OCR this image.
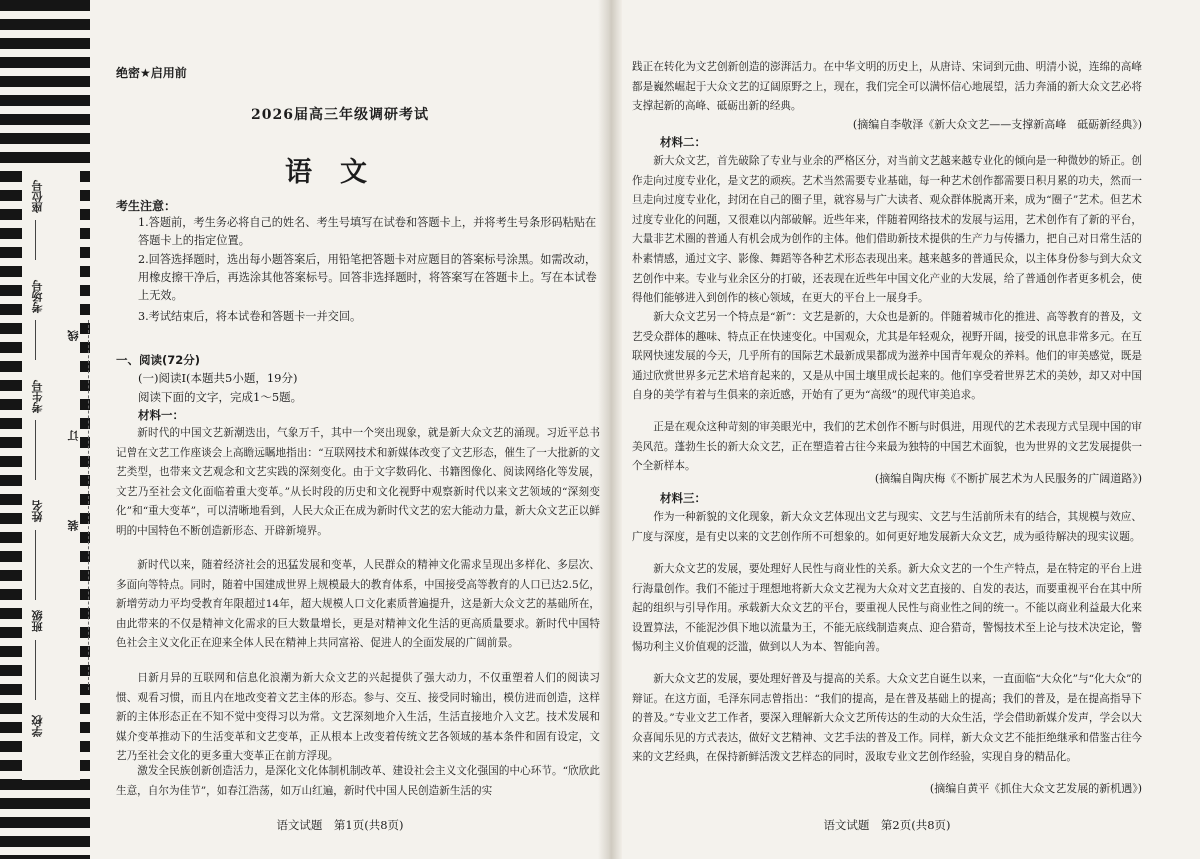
座位号
考场号
考生号
姓名
班级
学校
线
订
装
绝密★启用前
2026届高三年级调研考试
语文
考生注意：
1.答题前，考生务必将自己的姓名、考生号填写在试卷和答题卡上，并将考生号条形码粘贴在答题卡上的指定位置。
2.回答选择题时，选出每小题答案后，用铅笔把答题卡对应题目的答案标号涂黑。如需改动，用橡皮擦干净后，再选涂其他答案标号。回答非选择题时，将答案写在答题卡上。写在本试卷上无效。
3.考试结束后，将本试卷和答题卡一并交回。
一、阅读(72分)
(一)阅读Ⅰ(本题共5小题，19分)
阅读下面的文字，完成1～5题。
材料一：

新时代的中国文艺新潮迭出，气象万千，其中一个突出现象，就是新大众文艺的涌现。习近平总书记曾在文艺工作座谈会上高瞻远瞩地指出：“互联网技术和新媒体改变了文艺形态，催生了一大批新的文艺类型，也带来文艺观念和文艺实践的深刻变化。由于文字数码化、书籍图像化、阅读网络化等发展，文艺乃至社会文化面临着重大变革。”从长时段的历史和文化视野中观察新时代以来文艺领域的“深刻变化”和“重大变革”，可以清晰地看到，人民大众正在成为新时代文艺的宏大能动力量，新大众文艺正以鲜明的中国特色不断创造新形态、开辟新境界。

新时代以来，随着经济社会的迅猛发展和变革，人民群众的精神文化需求呈现出多样化、多层次、多面向等特点。同时，随着中国建成世界上规模最大的教育体系，中国接受高等教育的人口已达2.5亿，新增劳动力平均受教育年限超过14年，超大规模人口文化素质普遍提升，这是新大众文艺的基础所在，由此带来的不仅是精神文化需求的巨大数量增长，更是对精神文化生活的更高质量要求。新时代中国特色社会主义文化正在迎来全体人民在精神上共同富裕、促进人的全面发展的广阔前景。

日新月异的互联网和信息化浪潮为新大众文艺的兴起提供了强大动力，不仅重塑着人们的阅读习惯、观看习惯，而且内在地改变着文艺主体的形态。参与、交互、接受同时输出，模仿进而创造，这样新的主体形态正在不知不觉中变得习以为常。文艺深刻地介入生活，生活直接地介入文艺。技术发展和媒介变革推动下的生活变革和文艺变革，正从根本上改变着传统文艺各领域的基本条件和固有设定，文艺乃至社会文化的更多重大变革正在前方浮现。

激发全民族创新创造活力，是深化文化体制机制改革、建设社会主义文化强国的中心环节。“欣欣此生意，自尔为佳节”，如春江浩荡，如万山红遍，新时代中国人民创造新生活的实

语文试题　第1页(共8页)

践正在转化为文艺创新创造的澎湃活力。在中华文明的历史上，从唐诗、宋词到元曲、明清小说，连绵的高峰都是巍然崛起于大众文艺的辽阔原野之上，现在，我们完全可以满怀信心地展望，活力奔涌的新大众文艺必将支撑起新的高峰、砥砺出新的经典。

(摘编自李敬泽《新大众文艺——支撑新高峰　砥砺新经典》)
材料二：

新大众文艺，首先破除了专业与业余的严格区分，对当前文艺越来越专业化的倾向是一种微妙的矫正。创作走向过度专业化，是文艺的顽疾。艺术当然需要专业基础，每一种艺术创作都需要日积月累的功夫，然而一旦走向过度专业化，封闭在自己的圈子里，就容易与广大读者、观众群体脱离开来，成为“圈子”艺术。但艺术过度专业化的问题，又很难以内部破解。近些年来，伴随着网络技术的发展与运用，艺术创作有了新的平台，大量非艺术圈的普通人有机会成为创作的主体。他们借助新技术提供的生产力与传播力，把自己对日常生活的朴素情感，通过文字、影像、舞蹈等各种艺术形态表现出来。越来越多的普通民众，以主体身份参与到大众文艺创作中来。专业与业余区分的打破，还表现在近些年中国文化产业的大发展，给了普通创作者更多机会，使得他们能够进入到创作的核心领域，在更大的平台上一展身手。

新大众文艺另一个特点是“新”：文艺是新的，大众也是新的。伴随着城市化的推进、高等教育的普及，文艺受众群体的趣味、特点正在快速变化。中国观众，尤其是年轻观众，视野开阔，接受的讯息非常多元。在互联网快速发展的今天，几乎所有的国际艺术最新成果都成为滋养中国青年观众的养料。他们的审美感觉，既是通过欣赏世界多元艺术培育起来的，又是从中国土壤里成长起来的。他们享受着世界艺术的美妙，却又对中国自身的美学有着与生俱来的亲近感，开始有了更为“高级”的现代审美追求。

正是在观众这种苛刻的审美眼光中，我们的艺术创作不断与时俱进，用现代的艺术表现方式呈现中国的审美风范。蓬勃生长的新大众文艺，正在塑造着古往今来最为独特的中国艺术面貌，也为世界的文艺发展提供一个全新样本。

(摘编自陶庆梅《不断扩展艺术为人民服务的广阔道路》)
材料三：

作为一种新貌的文化现象，新大众文艺体现出文艺与现实、文艺与生活前所未有的结合，其规模与效应、广度与深度，是有史以来的文艺创作所不可想象的。如何更好地发展新大众文艺，成为亟待解决的现实议题。

新大众文艺的发展，要处理好人民性与商业性的关系。新大众文艺的一个生产特点，是在特定的平台上进行海量创作。我们不能过于理想地将新大众文艺视为大众对文艺直接的、自发的表达，而要重视平台在其中所起的组织与引导作用。承载新大众文艺的平台，要重视人民性与商业性之间的统一。不能以商业利益最大化来设置算法，不能泥沙俱下地以流量为王，不能无底线制造爽点、迎合猎奇，警惕技术至上论与技术决定论，警惕功利主义价值观的泛滥，做到以人为本、智能向善。

新大众文艺的发展，要处理好普及与提高的关系。大众文艺自诞生以来，一直面临“大众化”与“化大众”的辩证。在这方面，毛泽东同志曾指出：“我们的提高，是在普及基础上的提高；我们的普及，是在提高指导下的普及。”专业文艺工作者，要深入理解新大众文艺所传达的生动的大众生活，学会借助新媒介发声，学会以大众喜闻乐见的方式表达，做好文艺精神、文艺手法的普及工作。同样，新大众文艺不能拒绝继承和借鉴古往今来的文艺经典，在保持新鲜活泼文艺样态的同时，汲取专业文艺创作经验，实现自身的精品化。

(摘编自黄平《抓住大众文艺发展的新机遇》)
语文试题　第2页(共8页)
